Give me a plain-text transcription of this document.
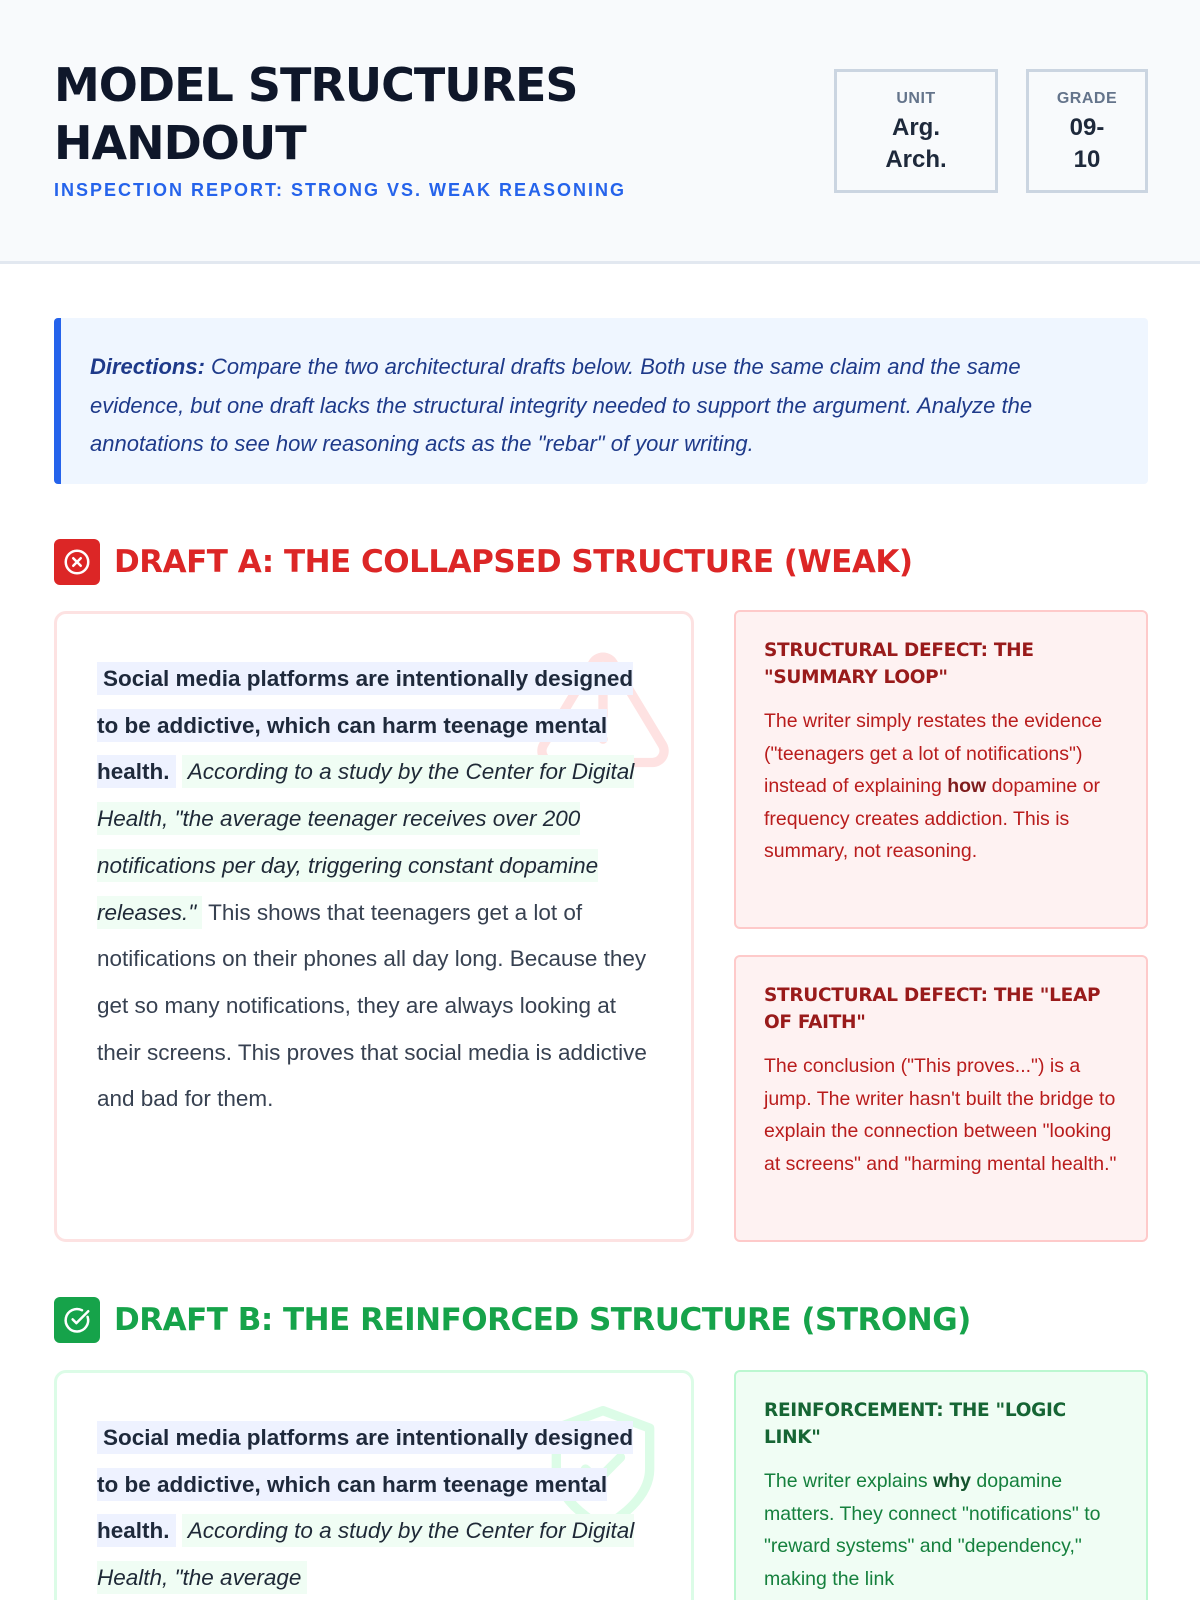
MODEL STRUCTURES HANDOUT
INSPECTION REPORT: STRONG VS. WEAK REASONING
UNIT
Arg. Arch.
GRADE
09-10

Directions: Compare the two architectural drafts below. Both use the same claim and the same evidence, but one draft lacks the structural integrity needed to support the argument. Analyze the annotations to see how reasoning acts as the "rebar" of your writing.

DRAFT A: THE COLLAPSED STRUCTURE (WEAK)

Social media platforms are intentionally designed to be addictive, which can harm teenage mental health. According to a study by the Center for Digital Health, "the average teenager receives over 200 notifications per day, triggering constant dopamine releases." This shows that teenagers get a lot of notifications on their phones all day long. Because they get so many notifications, they are always looking at their screens. This proves that social media is addictive and bad for them.

STRUCTURAL DEFECT: THE "SUMMARY LOOP"

The writer simply restates the evidence ("teenagers get a lot of notifications") instead of explaining how dopamine or frequency creates addiction. This is summary, not reasoning.

STRUCTURAL DEFECT: THE "LEAP OF FAITH"

The conclusion ("This proves...") is a jump. The writer hasn't built the bridge to explain the connection between "looking at screens" and "harming mental health."

DRAFT B: THE REINFORCED STRUCTURE (STRONG)

Social media platforms are intentionally designed to be addictive, which can harm teenage mental health. According to a study by the Center for Digital Health, "the average

REINFORCEMENT: THE "LOGIC LINK"

The writer explains why dopamine matters. They connect "notifications" to "reward systems" and "dependency," making the link
